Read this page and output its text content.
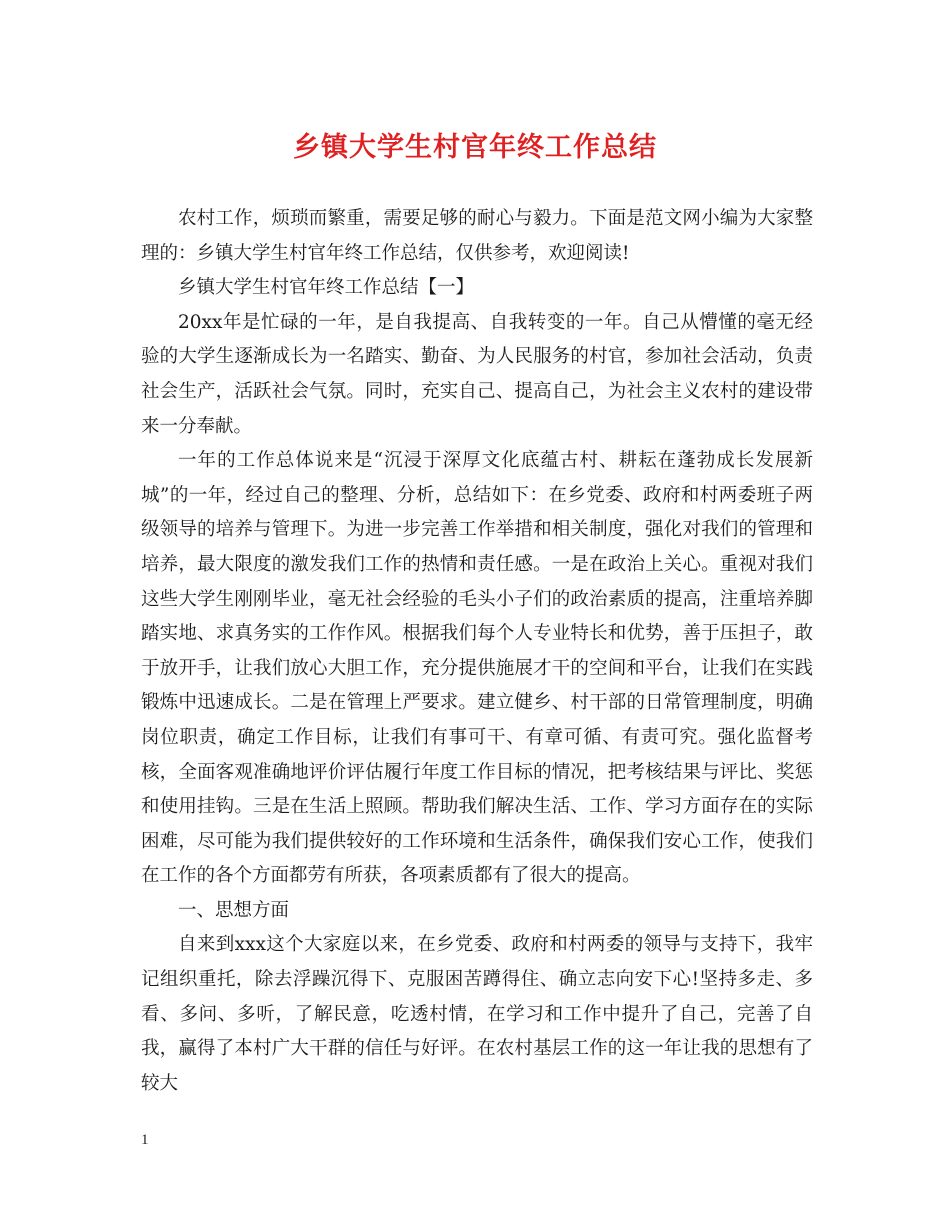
乡镇大学生村官年终工作总结

农村工作，烦琐而繁重，需要足够的耐心与毅力。下面是范文网小编为大家整理的：乡镇大学生村官年终工作总结，仅供参考，欢迎阅读!

乡镇大学生村官年终工作总结【一】

20xx年是忙碌的一年，是自我提高、自我转变的一年。自己从懵懂的毫无经验的大学生逐渐成长为一名踏实、勤奋、为人民服务的村官，参加社会活动，负责社会生产，活跃社会气氛。同时，充实自己、提高自己，为社会主义农村的建设带来一分奉献。

一年的工作总体说来是“沉浸于深厚文化底蕴古村、耕耘在蓬勃成长发展新城”的一年，经过自己的整理、分析，总结如下：在乡党委、政府和村两委班子两级领导的培养与管理下。为进一步完善工作举措和相关制度，强化对我们的管理和培养，最大限度的激发我们工作的热情和责任感。一是在政治上关心。重视对我们这些大学生刚刚毕业，毫无社会经验的毛头小子们的政治素质的提高，注重培养脚踏实地、求真务实的工作作风。根据我们每个人专业特长和优势，善于压担子，敢于放开手，让我们放心大胆工作，充分提供施展才干的空间和平台，让我们在实践锻炼中迅速成长。二是在管理上严要求。建立健乡、村干部的日常管理制度，明确岗位职责，确定工作目标，让我们有事可干、有章可循、有责可究。强化监督考核，全面客观准确地评价评估履行年度工作目标的情况，把考核结果与评比、奖惩和使用挂钩。三是在生活上照顾。帮助我们解决生活、工作、学习方面存在的实际困难，尽可能为我们提供较好的工作环境和生活条件，确保我们安心工作，使我们在工作的各个方面都劳有所获，各项素质都有了很大的提高。

一、思想方面

自来到xxx这个大家庭以来，在乡党委、政府和村两委的领导与支持下，我牢记组织重托，除去浮躁沉得下、克服困苦蹲得住、确立志向安下心!坚持多走、多看、多问、多听，了解民意，吃透村情，在学习和工作中提升了自己，完善了自我，赢得了本村广大干群的信任与好评。在农村基层工作的这一年让我的思想有了较大

1
